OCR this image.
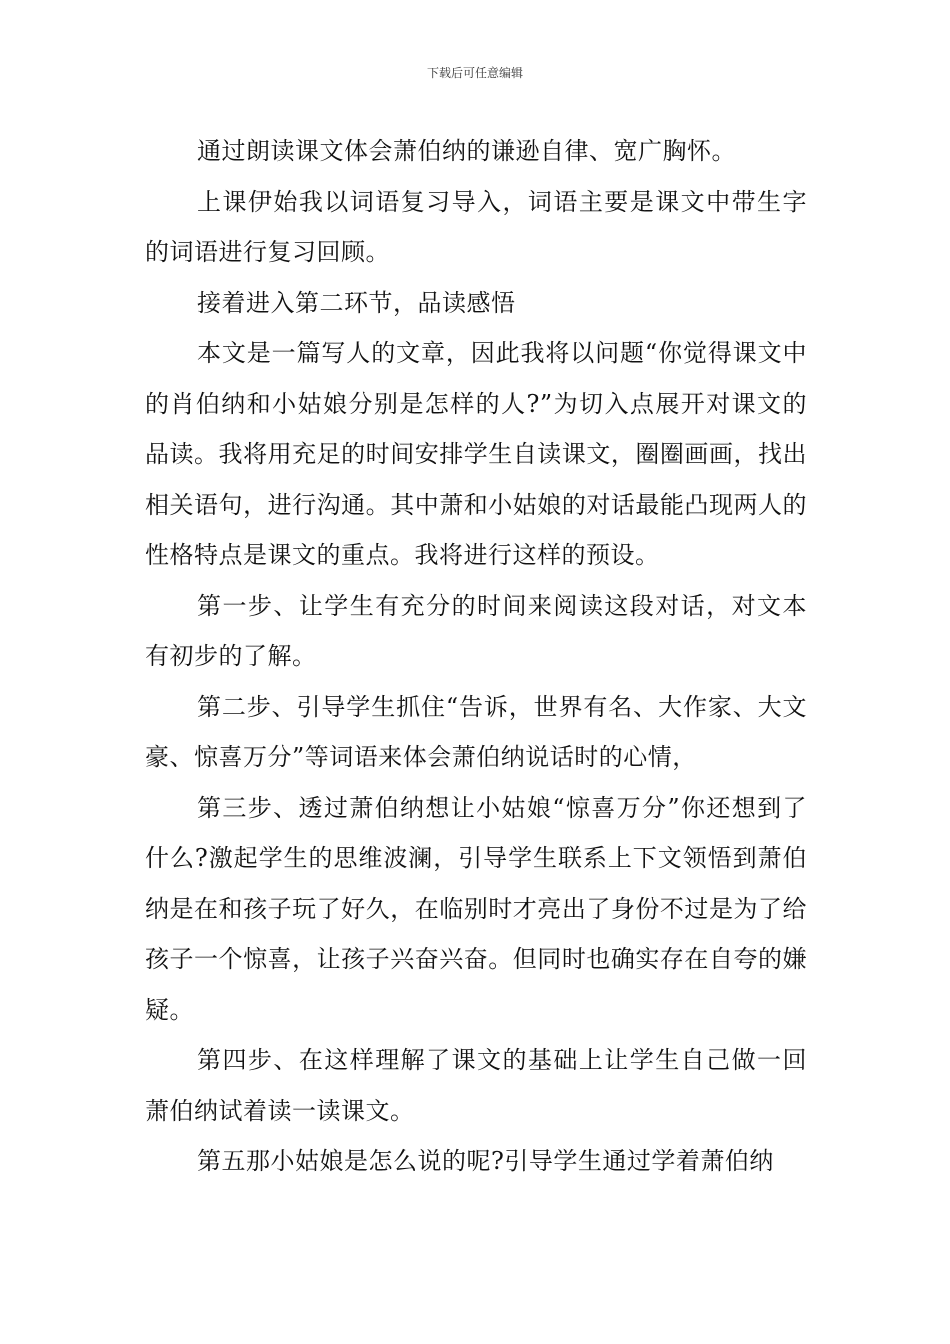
下载后可任意编辑

通过朗读课文体会萧伯纳的谦逊自律、宽广胸怀。

上课伊始我以词语复习导入，词语主要是课文中带生字的词语进行复习回顾。

接着进入第二环节，品读感悟

本文是一篇写人的文章，因此我将以问题“你觉得课文中的肖伯纳和小姑娘分别是怎样的人?”为切入点展开对课文的品读。我将用充足的时间安排学生自读课文，圈圈画画，找出相关语句，进行沟通。其中萧和小姑娘的对话最能凸现两人的性格特点是课文的重点。我将进行这样的预设。

第一步、让学生有充分的时间来阅读这段对话，对文本有初步的了解。

第二步、引导学生抓住“告诉，世界有名、大作家、大文豪、惊喜万分”等词语来体会萧伯纳说话时的心情，

第三步、透过萧伯纳想让小姑娘“惊喜万分”你还想到了什么?激起学生的思维波澜，引导学生联系上下文领悟到萧伯纳是在和孩子玩了好久，在临别时才亮出了身份不过是为了给孩子一个惊喜，让孩子兴奋兴奋。但同时也确实存在自夸的嫌疑。

第四步、在这样理解了课文的基础上让学生自己做一回萧伯纳试着读一读课文。

第五那小姑娘是怎么说的呢?引导学生通过学着萧伯纳
